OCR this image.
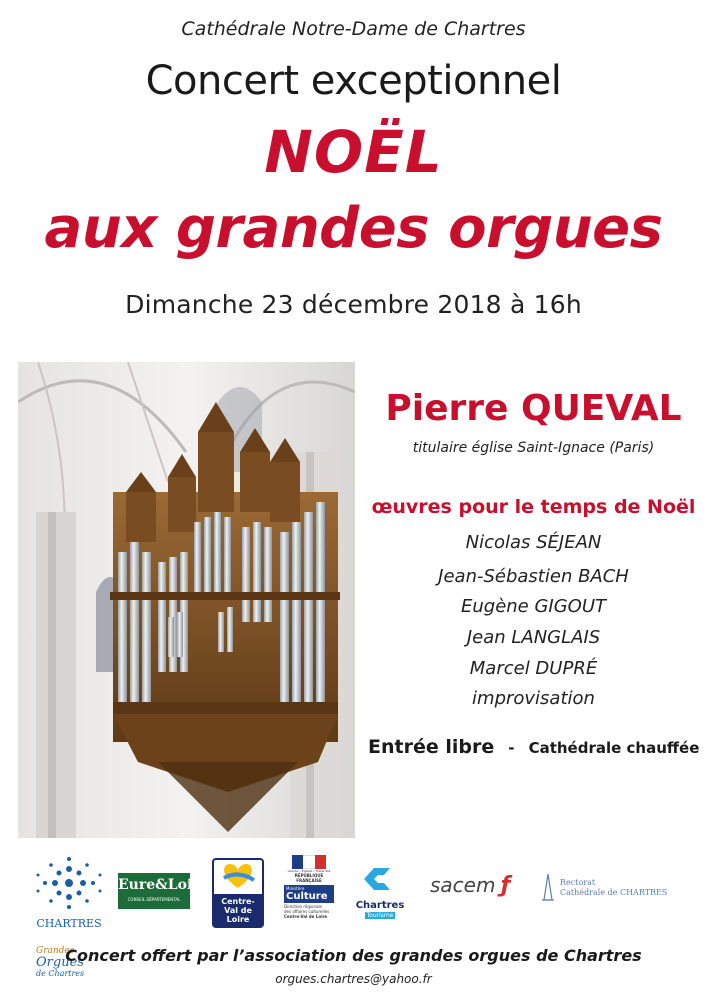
Cathédrale Notre-Dame de Chartres
Concert exceptionnel
NOËL
aux grandes orgues
Dimanche 23 décembre 2018 à 16h
Pierre QUEVAL
titulaire église Saint-Ignace (Paris)
œuvres pour le temps de Noël
Nicolas SÉJEAN
Jean-Sébastien BACH
Eugène GIGOUT
Jean LANGLAIS
Marcel DUPRÉ
improvisation
Entrée libre - Cathédrale chauffée
CHARTRES
Eure&Loir
CONSEIL DÉPARTEMENTAL	Centre-
Val de Loire
Liberté • Égalité • Fraternité
RÉPUBLIQUE FRANÇAISE
Ministère
Culture
Direction régionale
des affaires culturelles
Centre-Val de Loire
Chartres
Tourisme
sacem ƒ	Rectorat
Cathédrale de CHARTRES
Grandes
Orgues
de Chartres
Concert offert par l’association des grandes orgues de Chartres
orgues.chartres@yahoo.fr
